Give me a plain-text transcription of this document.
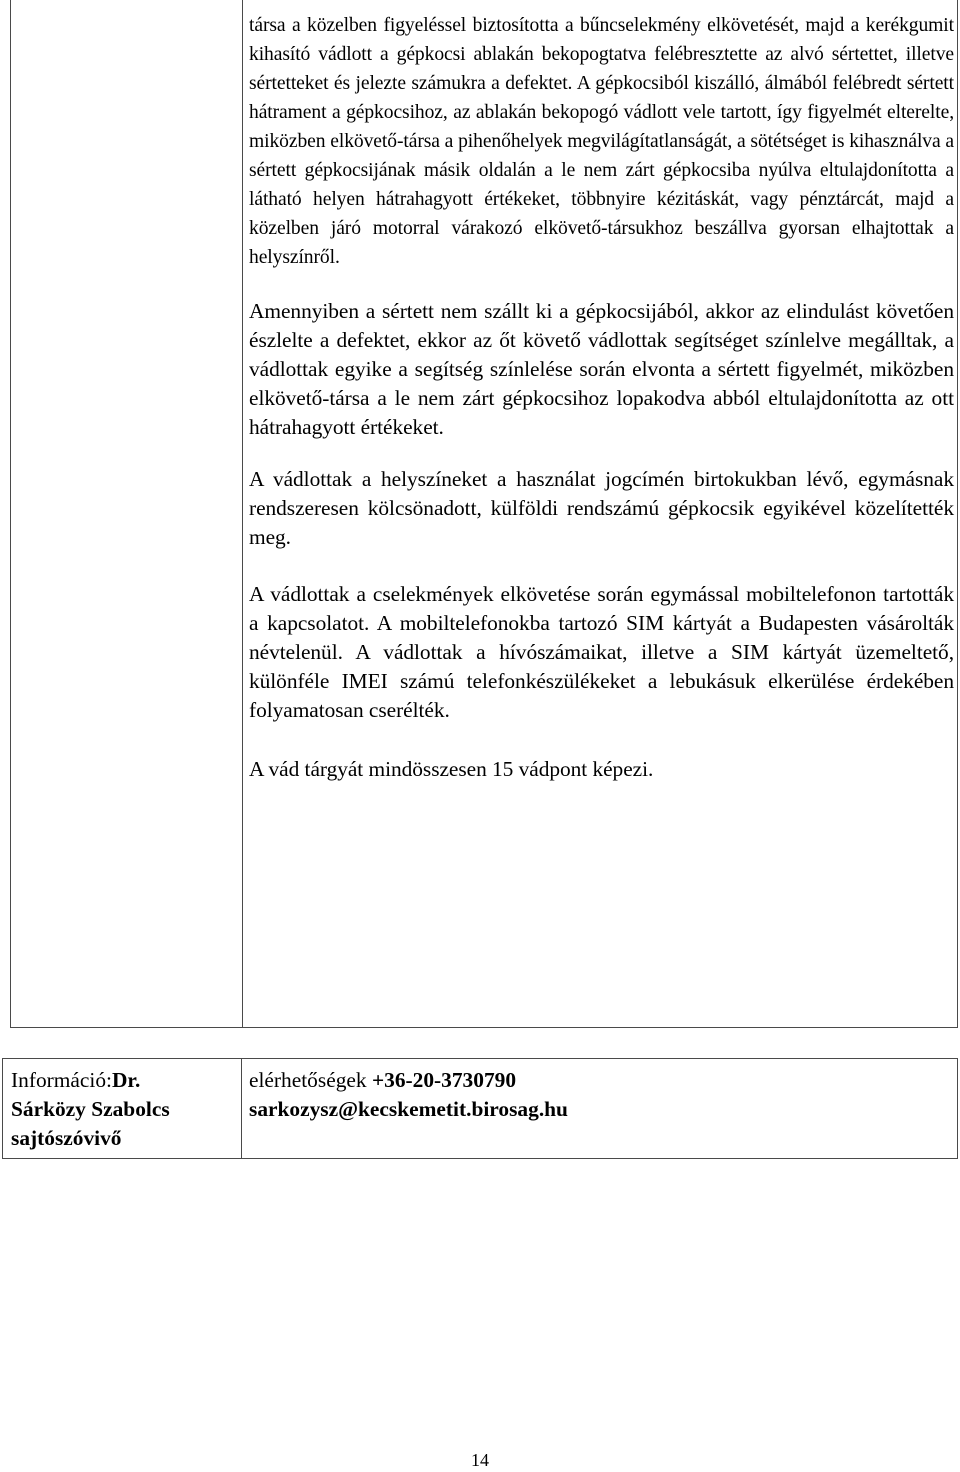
társa a közelben figyeléssel biztosította a bűncselekmény elkövetését, majd a kerékgumit kihasító vádlott a gépkocsi ablakán bekopogtatva felébresztette az alvó sértettet, illetve sértetteket és jelezte számukra a defektet. A gépkocsiból kiszálló, álmából felébredt sértett hátrament a gépkocsihoz, az ablakán bekopogó vádlott vele tartott, így figyelmét elterelte, miközben elkövető-társa a pihenőhelyek megvilágítatlanságát, a sötétséget is kihasználva a sértett gépkocsijának másik oldalán a le nem zárt gépkocsiba nyúlva eltulajdonította a látható helyen hátrahagyott értékeket, többnyire kézitáskát, vagy pénztárcát, majd a közelben járó motorral várakozó elkövető-társukhoz beszállva gyorsan elhajtottak a helyszínről.

Amennyiben a sértett nem szállt ki a gépkocsijából, akkor az elindulást követően észlelte a defektet, ekkor az őt követő vádlottak segítséget színlelve megálltak, a vádlottak egyike a segítség színlelése során elvonta a sértett figyelmét, miközben elkövető-társa a le nem zárt gépkocsihoz lopakodva abból eltulajdonította az ott hátrahagyott értékeket.

A vádlottak a helyszíneket a használat jogcímén birtokukban lévő, egymásnak rendszeresen kölcsönadott, külföldi rendszámú gépkocsik egyikével közelítették meg.

A vádlottak a cselekmények elkövetése során egymással mobiltelefonon tartották a kapcsolatot. A mobiltelefonokba tartozó SIM kártyát a Budapesten vásárolták névtelenül. A vádlottak a hívószámaikat, illetve a SIM kártyát üzemeltető, különféle IMEI számú telefonkészülékeket a lebukásuk elkerülése érdekében folyamatosan cserélték.

A vád tárgyát mindösszesen 15 vádpont képezi.

Információ:Dr.
Sárközy Szabolcs
sajtószóvivő
elérhetőségek +36-20-3730790
sarkozysz@kecskemetit.birosag.hu
14
